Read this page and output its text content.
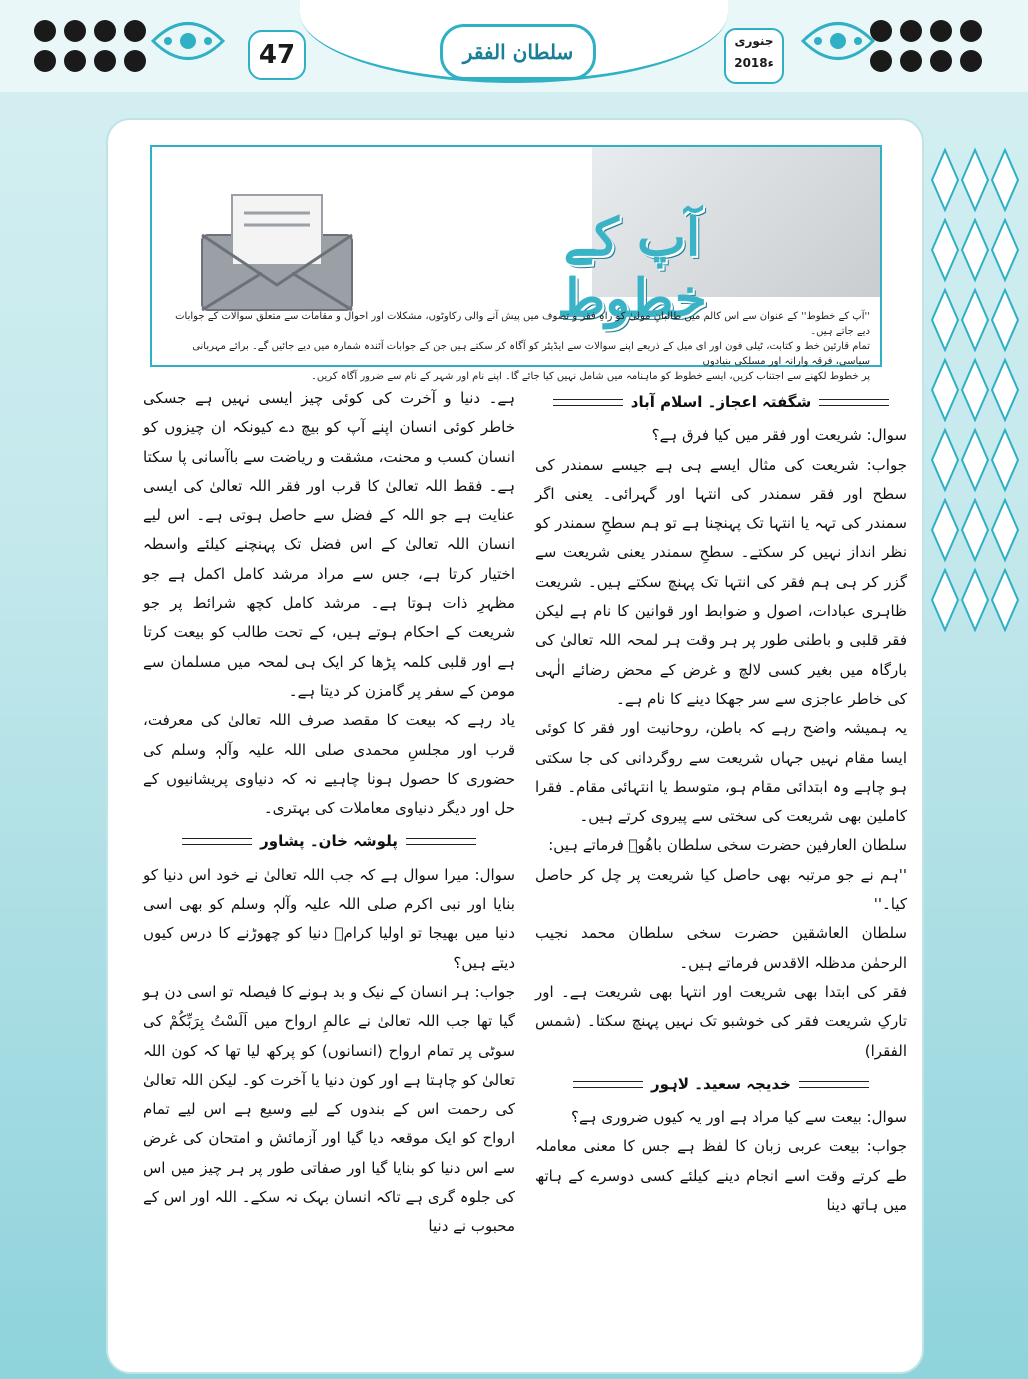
47	سلطان الفقر	جنوری
2018ء
آپ کے خطوط

''آپ کے خطوط'' کے عنوان سے اس کالم میں طالبانِ مولیٰ کو راہِ فقر و تصوف میں پیش آنے والی رکاوٹوں، مشکلات اور احوال و مقامات سے متعلق سوالات کے جوابات دیے جاتے ہیں۔

تمام قارئین خط و کتابت، ٹیلی فون اور ای میل کے ذریعے اپنے سوالات سے ایڈیٹر کو آگاہ کر سکتے ہیں جن کے جوابات آئندہ شمارہ میں دیے جائیں گے۔ برائے مہربانی سیاسی، فرقہ وارانہ اور مسلکی بنیادوں

پر خطوط لکھنے سے اجتناب کریں، ایسے خطوط کو ماہنامہ میں شامل نہیں کیا جائے گا۔ اپنے نام اور شہر کے نام سے ضرور آگاہ کریں۔

شگفتہ اعجاز۔ اسلام آباد

سوال: شریعت اور فقر میں کیا فرق ہے؟

جواب: شریعت کی مثال ایسے ہی ہے جیسے سمندر کی سطح اور فقر سمندر کی انتہا اور گہرائی۔ یعنی اگر سمندر کی تہہ یا انتہا تک پہنچنا ہے تو ہم سطحِ سمندر کو نظر انداز نہیں کر سکتے۔ سطحِ سمندر یعنی شریعت سے گزر کر ہی ہم فقر کی انتہا تک پہنچ سکتے ہیں۔ شریعت ظاہری عبادات، اصول و ضوابط اور قوانین کا نام ہے لیکن فقر قلبی و باطنی طور پر ہر وقت ہر لمحہ اللہ تعالیٰ کی بارگاہ میں بغیر کسی لالچ و غرض کے محض رضائے الٰہی کی خاطر عاجزی سے سر جھکا دینے کا نام ہے۔

یہ ہمیشہ واضح رہے کہ باطن، روحانیت اور فقر کا کوئی ایسا مقام نہیں جہاں شریعت سے روگردانی کی جا سکتی ہو چاہے وہ ابتدائی مقام ہو، متوسط یا انتہائی مقام۔ فقرا کاملین بھی شریعت کی سختی سے پیروی کرتے ہیں۔

سلطان العارفین حضرت سخی سلطان باھُوؒ فرماتے ہیں:

''ہم نے جو مرتبہ بھی حاصل کیا شریعت پر چل کر حاصل کیا۔''

سلطان العاشقین حضرت سخی سلطان محمد نجیب الرحمٰن مدظلہ الاقدس فرماتے ہیں۔

فقر کی ابتدا بھی شریعت اور انتہا بھی شریعت ہے۔ اور تارکِ شریعت فقر کی خوشبو تک نہیں پہنچ سکتا۔ (شمس الفقرا)

خدیجہ سعید۔ لاہور

سوال: بیعت سے کیا مراد ہے اور یہ کیوں ضروری ہے؟

جواب: بیعت عربی زبان کا لفظ ہے جس کا معنی معاملہ طے کرتے وقت اسے انجام دینے کیلئے کسی دوسرے کے ہاتھ میں ہاتھ دینا

ہے۔ دنیا و آخرت کی کوئی چیز ایسی نہیں ہے جسکی خاطر کوئی انسان اپنے آپ کو بیچ دے کیونکہ ان چیزوں کو انسان کسب و محنت، مشقت و ریاضت سے باآسانی پا سکتا ہے۔ فقط اللہ تعالیٰ کا قرب اور فقر اللہ تعالیٰ کی ایسی عنایت ہے جو اللہ کے فضل سے حاصل ہوتی ہے۔ اس لیے انسان اللہ تعالیٰ کے اس فضل تک پہنچنے کیلئے واسطہ اختیار کرتا ہے، جس سے مراد مرشد کامل اکمل ہے جو مظہرِ ذات ہوتا ہے۔ مرشد کامل کچھ شرائط پر جو شریعت کے احکام ہوتے ہیں، کے تحت طالب کو بیعت کرتا ہے اور قلبی کلمہ پڑھا کر ایک ہی لمحہ میں مسلمان سے مومن کے سفر پر گامزن کر دیتا ہے۔

یاد رہے کہ بیعت کا مقصد صرف اللہ تعالیٰ کی معرفت، قرب اور مجلسِ محمدی صلی اللہ علیہ وآلہٖ وسلم کی حضوری کا حصول ہونا چاہیے نہ کہ دنیاوی پریشانیوں کے حل اور دیگر دنیاوی معاملات کی بہتری۔

پلوشہ خان۔ پشاور

سوال: میرا سوال ہے کہ جب اللہ تعالیٰ نے خود اس دنیا کو بنایا اور نبی اکرم صلی اللہ علیہ وآلہٖ وسلم کو بھی اسی دنیا میں بھیجا تو اولیا کرامؒ دنیا کو چھوڑنے کا درس کیوں دیتے ہیں؟

جواب: ہر انسان کے نیک و بد ہونے کا فیصلہ تو اسی دن ہو گیا تھا جب اللہ تعالیٰ نے عالمِ ارواح میں اَلَسْتُ بِرَبِّکُمْ کی سوٹی پر تمام ارواح (انسانوں) کو پرکھ لیا تھا کہ کون اللہ تعالیٰ کو چاہتا ہے اور کون دنیا یا آخرت کو۔ لیکن اللہ تعالیٰ کی رحمت اس کے بندوں کے لیے وسیع ہے اس لیے تمام ارواح کو ایک موقعہ دیا گیا اور آزمائش و امتحان کی غرض سے اس دنیا کو بنایا گیا اور صفاتی طور پر ہر چیز میں اس کی جلوہ گری ہے تاکہ انسان بہک نہ سکے۔ اللہ اور اس کے محبوب نے دنیا
